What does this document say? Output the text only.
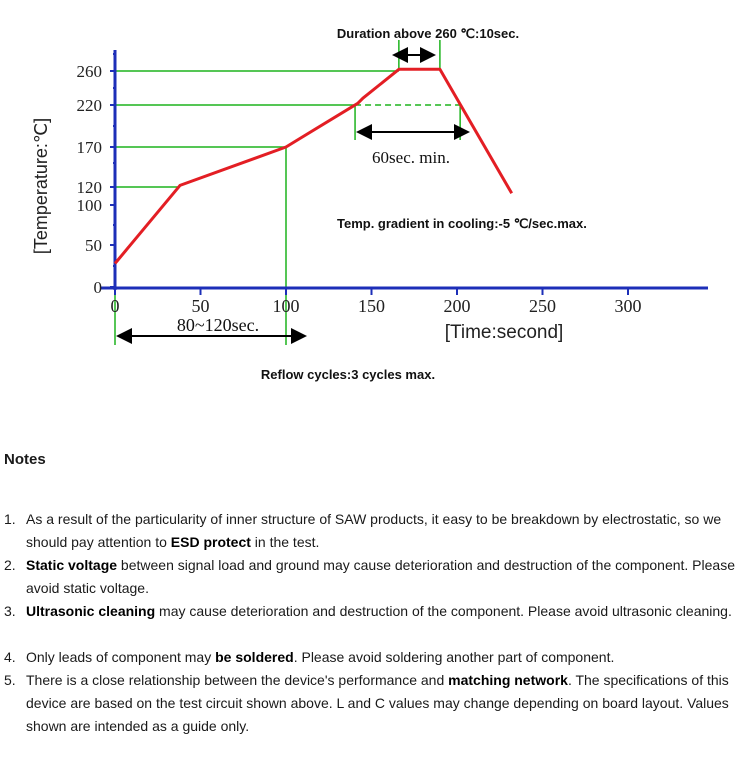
[Temperature:℃]
[Time:second]
Duration above 260 ℃:10sec.
60sec. min.
Temp. gradient in cooling:-5 ℃/sec.max.
80~120sec.
Reflow cycles:3 cycles max.
0
50
100
120
170
220
260
0	50	100	150	200	250	300
Notes
1. As a result of the particularity of inner structure of SAW products, it easy to be breakdown by electrostatic, so we should pay attention to ESD protect in the test.
2. Static voltage between signal load and ground may cause deterioration and destruction of the component. Please avoid static voltage.
3. Ultrasonic cleaning may cause deterioration and destruction of the component. Please avoid ultrasonic cleaning.
4. Only leads of component may be soldered. Please avoid soldering another part of component.
5. There is a close relationship between the device's performance and matching network. The specifications of this device are based on the test circuit shown above. L and C values may change depending on board layout. Values shown are intended as a guide only.
